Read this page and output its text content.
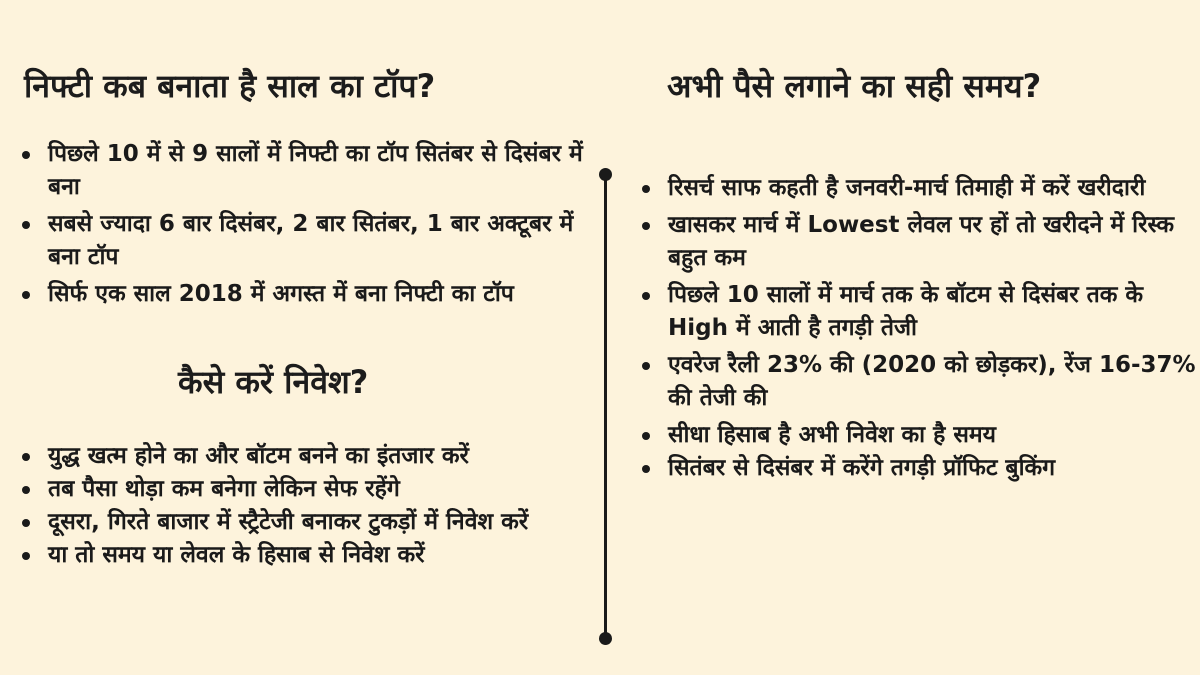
निफ्टी कब बनाता है साल का टॉप?
पिछले 10 में से 9 सालों में निफ्टी का टॉप सितंबर से दिसंबर में बना
सबसे ज्यादा 6 बार दिसंबर, 2 बार सितंबर, 1 बार अक्टूबर में बना टॉप
सिर्फ एक साल 2018 में अगस्त में बना निफ्टी का टॉप
कैसे करें निवेश?
युद्ध खत्म होने का और बॉटम बनने का इंतजार करें
तब पैसा थोड़ा कम बनेगा लेकिन सेफ रहेंगे
दूसरा, गिरते बाजार में स्ट्रैटेजी बनाकर टुकड़ों में निवेश करें
या तो समय या लेवल के हिसाब से निवेश करें
अभी पैसे लगाने का सही समय?
रिसर्च साफ कहती है जनवरी-मार्च तिमाही में करें खरीदारी
खासकर मार्च में Lowest लेवल पर हों तो खरीदने में रिस्क बहुत कम
पिछले 10 सालों में मार्च तक के बॉटम से दिसंबर तक के High में आती है तगड़ी तेजी
एवरेज रैली 23% की (2020 को छोड़कर), रेंज 16-37% की तेजी की
सीधा हिसाब है अभी निवेश का है समय
सितंबर से दिसंबर में करेंगे तगड़ी प्रॉफिट बुकिंग
